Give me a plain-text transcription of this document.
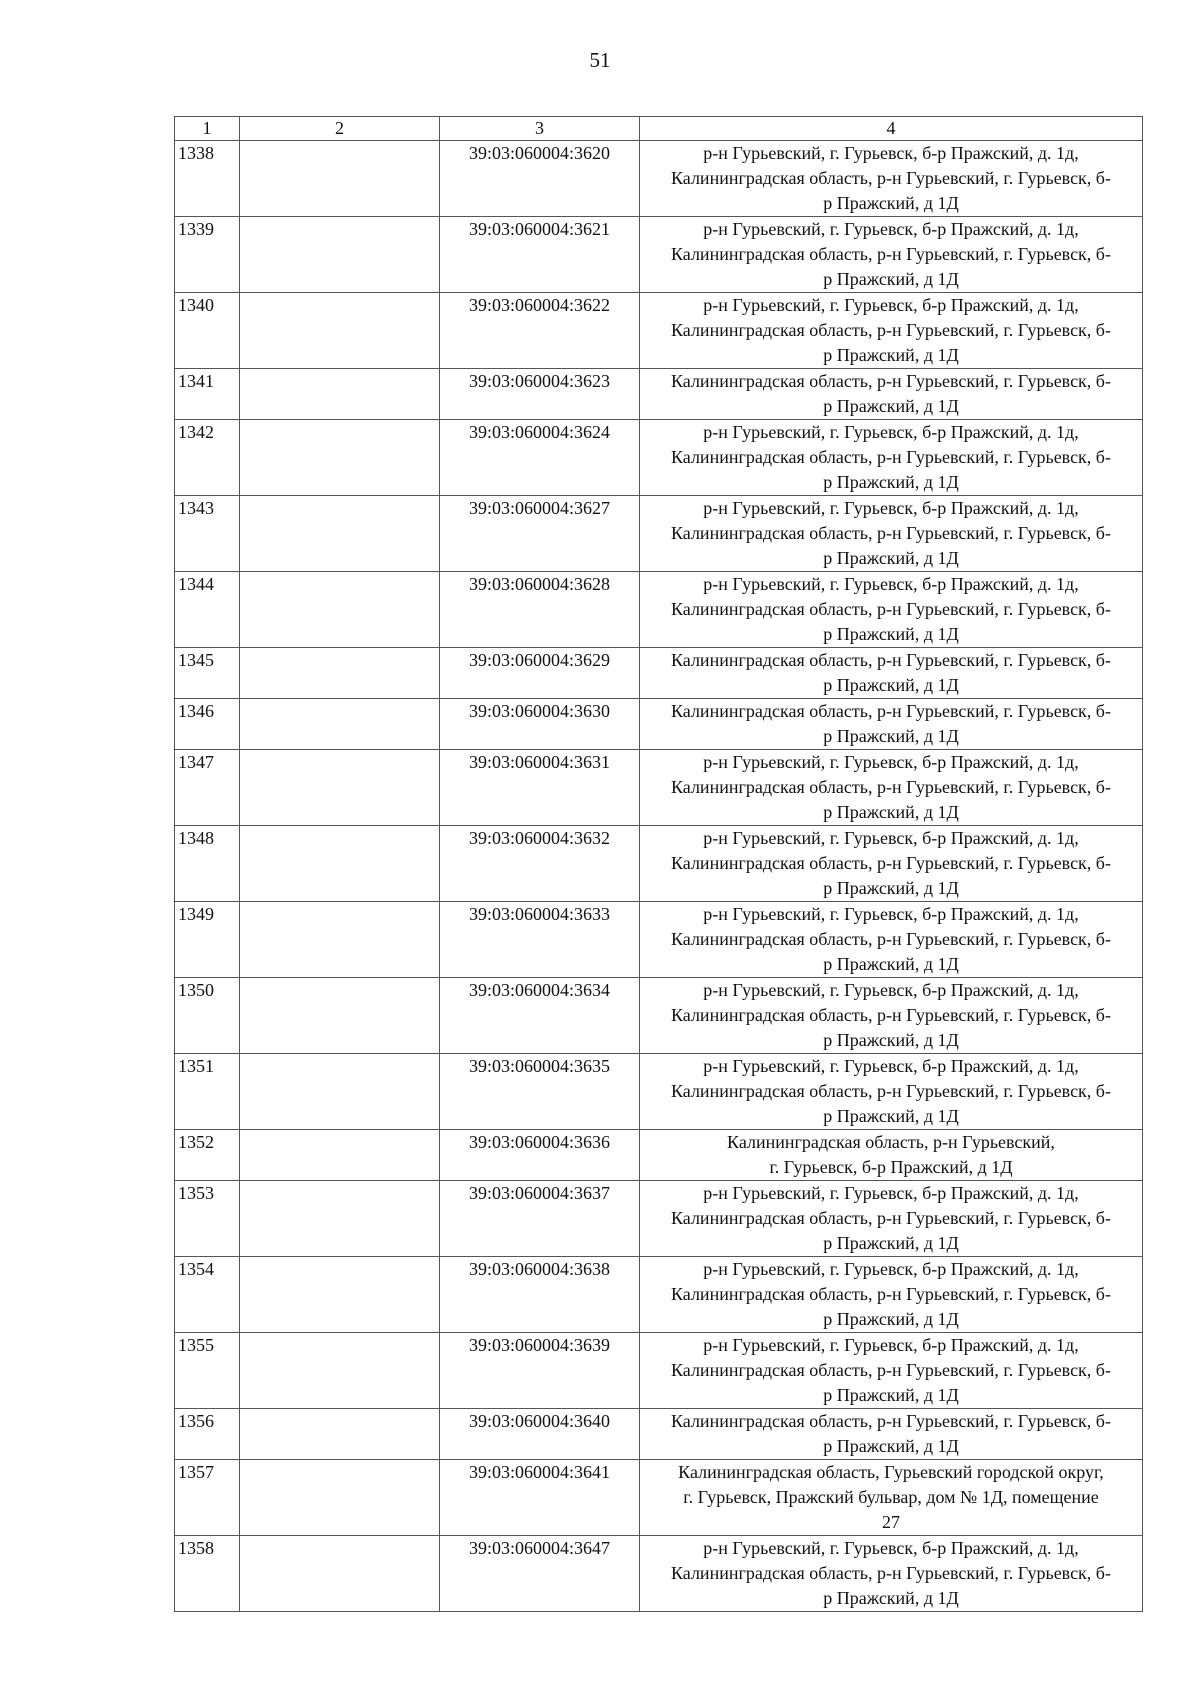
51
1	2	3	4
1338		39:03:060004:3620	р-н Гурьевский, г. Гурьевск, б-р Пражский, д. 1д,
Калининградская область, р-н Гурьевский, г. Гурьевск, б-
р Пражский, д 1Д

1339		39:03:060004:3621	р-н Гурьевский, г. Гурьевск, б-р Пражский, д. 1д,
Калининградская область, р-н Гурьевский, г. Гурьевск, б-
р Пражский, д 1Д

1340		39:03:060004:3622	р-н Гурьевский, г. Гурьевск, б-р Пражский, д. 1д,
Калининградская область, р-н Гурьевский, г. Гурьевск, б-
р Пражский, д 1Д

1341		39:03:060004:3623	Калининградская область, р-н Гурьевский, г. Гурьевск, б-
р Пражский, д 1Д

1342		39:03:060004:3624	р-н Гурьевский, г. Гурьевск, б-р Пражский, д. 1д,
Калининградская область, р-н Гурьевский, г. Гурьевск, б-
р Пражский, д 1Д

1343		39:03:060004:3627	р-н Гурьевский, г. Гурьевск, б-р Пражский, д. 1д,
Калининградская область, р-н Гурьевский, г. Гурьевск, б-
р Пражский, д 1Д

1344		39:03:060004:3628	р-н Гурьевский, г. Гурьевск, б-р Пражский, д. 1д,
Калининградская область, р-н Гурьевский, г. Гурьевск, б-
р Пражский, д 1Д

1345		39:03:060004:3629	Калининградская область, р-н Гурьевский, г. Гурьевск, б-
р Пражский, д 1Д

1346		39:03:060004:3630	Калининградская область, р-н Гурьевский, г. Гурьевск, б-
р Пражский, д 1Д

1347		39:03:060004:3631	р-н Гурьевский, г. Гурьевск, б-р Пражский, д. 1д,
Калининградская область, р-н Гурьевский, г. Гурьевск, б-
р Пражский, д 1Д

1348		39:03:060004:3632	р-н Гурьевский, г. Гурьевск, б-р Пражский, д. 1д,
Калининградская область, р-н Гурьевский, г. Гурьевск, б-
р Пражский, д 1Д

1349		39:03:060004:3633	р-н Гурьевский, г. Гурьевск, б-р Пражский, д. 1д,
Калининградская область, р-н Гурьевский, г. Гурьевск, б-
р Пражский, д 1Д

1350		39:03:060004:3634	р-н Гурьевский, г. Гурьевск, б-р Пражский, д. 1д,
Калининградская область, р-н Гурьевский, г. Гурьевск, б-
р Пражский, д 1Д

1351		39:03:060004:3635	р-н Гурьевский, г. Гурьевск, б-р Пражский, д. 1д,
Калининградская область, р-н Гурьевский, г. Гурьевск, б-
р Пражский, д 1Д

1352		39:03:060004:3636	Калининградская область, р-н Гурьевский,
г. Гурьевск, б-р Пражский, д 1Д

1353		39:03:060004:3637	р-н Гурьевский, г. Гурьевск, б-р Пражский, д. 1д,
Калининградская область, р-н Гурьевский, г. Гурьевск, б-
р Пражский, д 1Д

1354		39:03:060004:3638	р-н Гурьевский, г. Гурьевск, б-р Пражский, д. 1д,
Калининградская область, р-н Гурьевский, г. Гурьевск, б-
р Пражский, д 1Д

1355		39:03:060004:3639	р-н Гурьевский, г. Гурьевск, б-р Пражский, д. 1д,
Калининградская область, р-н Гурьевский, г. Гурьевск, б-
р Пражский, д 1Д

1356		39:03:060004:3640	Калининградская область, р-н Гурьевский, г. Гурьевск, б-
р Пражский, д 1Д

1357		39:03:060004:3641	Калининградская область, Гурьевский городской округ,
г. Гурьевск, Пражский бульвар, дом № 1Д, помещение
27

1358		39:03:060004:3647	р-н Гурьевский, г. Гурьевск, б-р Пражский, д. 1д,
Калининградская область, р-н Гурьевский, г. Гурьевск, б-
р Пражский, д 1Д
